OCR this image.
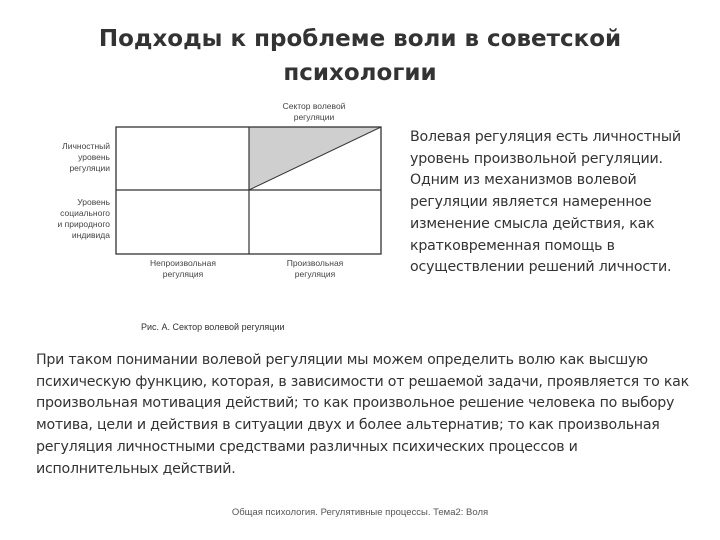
Подходы к проблеме воли в советской
психологии
Сектор волевой
регуляции
Личностный
уровень
регуляции
Уровень
социального
и природного
индивида
Непроизвольная
регуляция
Произвольная
регуляция
Рис. А. Сектор волевой регуляции
Волевая регуляция есть личностный уровень произвольной регуляции. Одним из механизмов волевой регуляции является намеренное изменение смысла действия, как кратковременная помощь в осуществлении решений личности.
При таком понимании волевой регуляции мы можем определить волю как высшую психическую функцию, которая, в зависимости от решаемой задачи, проявляется то как произвольная мотивация действий; то как произвольное решение человека по выбору мотива, цели и действия в ситуации двух и более альтернатив; то как произвольная регуляция личностными средствами различных психических процессов и исполнительных действий.
Общая психология. Регулятивные процессы. Тема2: Воля
